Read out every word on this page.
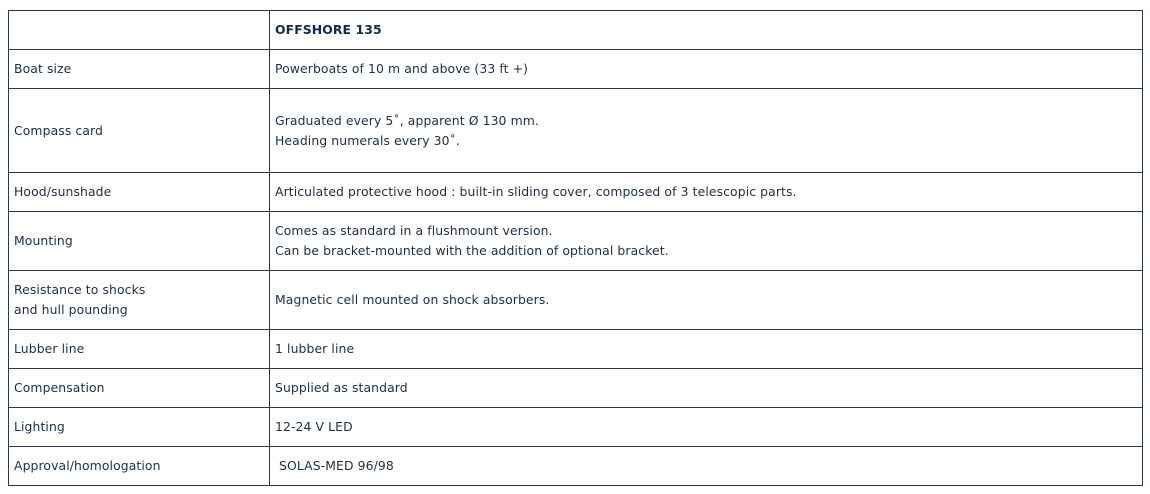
	OFFSHORE 135

Boat size	Powerboats of 10 m and above (33 ft +)

Compass card	Graduated every 5˚, apparent Ø 130 mm.
Heading numerals every 30˚.

Hood/sunshade	Articulated protective hood : built-in sliding cover, composed of 3 telescopic parts.

Mounting	Comes as standard in a flushmount version.
Can be bracket-mounted with the addition of optional bracket.

Resistance to shocks
and hull pounding	Magnetic cell mounted on shock absorbers.

Lubber line	1 lubber line

Compensation	Supplied as standard

Lighting	12-24 V LED

Approval/homologation	SOLAS-MED 96/98
